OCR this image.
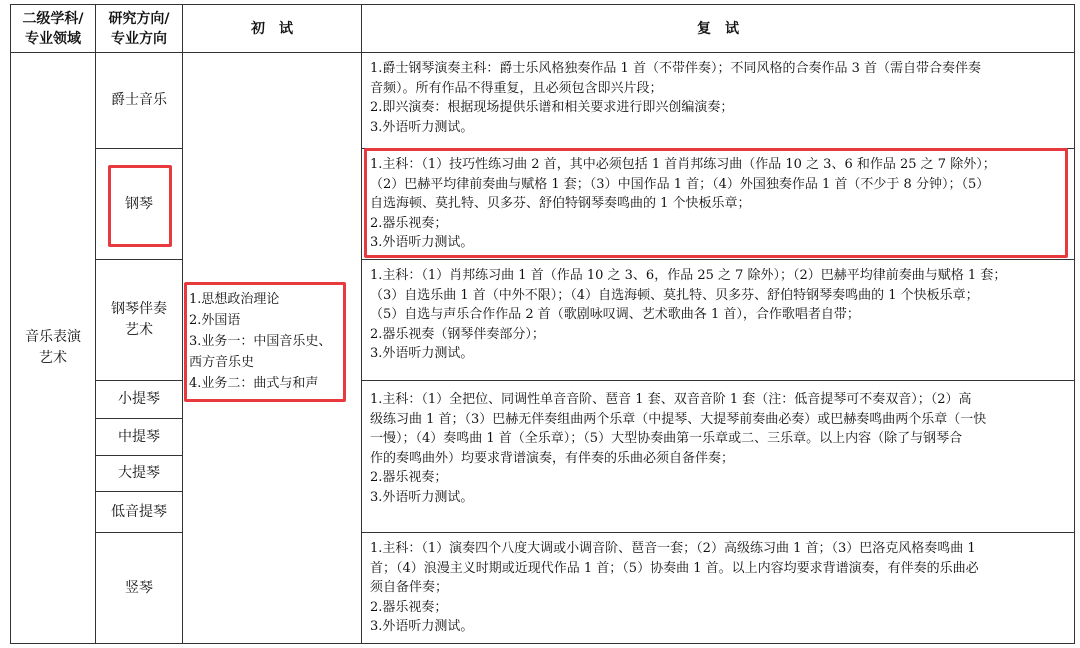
二级学科/
专业领域
研究方向/
专业方向
初　试	复　试
音乐表演
艺术
爵士音乐
钢琴
钢琴伴奏
艺术
小提琴
中提琴
大提琴
低音提琴
竖琴
1.思想政治理论
2.外国语
3.业务一：中国音乐史、
西方音乐史
4.业务二：曲式与和声
1.爵士钢琴演奏主科：爵士乐风格独奏作品 1 首（不带伴奏）；不同风格的合奏作品 3 首（需自带合奏伴奏
音频）。所有作品不得重复，且必须包含即兴片段；
2.即兴演奏：根据现场提供乐谱和相关要求进行即兴创编演奏；
3.外语听力测试。
1.主科：（1）技巧性练习曲 2 首，其中必须包括 1 首肖邦练习曲（作品 10 之 3、6 和作品 25 之 7 除外）；
（2）巴赫平均律前奏曲与赋格 1 套；（3）中国作品 1 首；（4）外国独奏作品 1 首（不少于 8 分钟）；（5）
自选海顿、莫扎特、贝多芬、舒伯特钢琴奏鸣曲的 1 个快板乐章；
2.器乐视奏；
3.外语听力测试。
1.主科：（1）肖邦练习曲 1 首（作品 10 之 3、6，作品 25 之 7 除外）；（2）巴赫平均律前奏曲与赋格 1 套；
（3）自选乐曲 1 首（中外不限）；（4）自选海顿、莫扎特、贝多芬、舒伯特钢琴奏鸣曲的 1 个快板乐章；
（5）自选与声乐合作作品 2 首（歌剧咏叹调、艺术歌曲各 1 首），合作歌唱者自带；
2.器乐视奏（钢琴伴奏部分）；
3.外语听力测试。
1.主科：（1）全把位、同调性单音音阶、琶音 1 套、双音音阶 1 套（注：低音提琴可不奏双音）；（2）高
级练习曲 1 首；（3）巴赫无伴奏组曲两个乐章（中提琴、大提琴前奏曲必奏）或巴赫奏鸣曲两个乐章（一快
一慢）；（4）奏鸣曲 1 首（全乐章）；（5）大型协奏曲第一乐章或二、三乐章。以上内容（除了与钢琴合
作的奏鸣曲外）均要求背谱演奏，有伴奏的乐曲必须自备伴奏；
2.器乐视奏；
3.外语听力测试。
1.主科：（1）演奏四个八度大调或小调音阶、琶音一套；（2）高级练习曲 1 首；（3）巴洛克风格奏鸣曲 1
首；（4）浪漫主义时期或近现代作品 1 首；（5）协奏曲 1 首。以上内容均要求背谱演奏，有伴奏的乐曲必
须自备伴奏；
2.器乐视奏；
3.外语听力测试。
